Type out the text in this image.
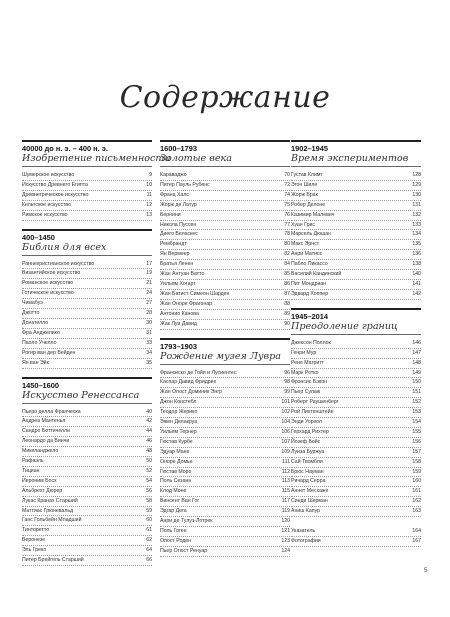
Содержание
40000 до н. э. – 400 н. э.
Изобретение письменности
Шумерское искусство	9
Искусство Древнего Египта	10
Древнегреческое искусство	11
Кельтское искусство	12
Римское искусство	13
400–1450
Библия для всех
Раннехристианское искусство	17
Византийское искусство	19
Романское искусство	21
Готическое искусство	24
Чимабуэ	27
Джотто	28
Донателло	30
Фра Анджелико	31
Паоло Учелло	33
Рогир ван дер Вейден	34
Ян ван Эйк	35
1450–1600
Искусство Ренессанса
Пьеро делла Франческа	40
Андреа Мантенья	42
Сандро Боттичелли	44
Леонардо да Винчи	46
Микеланджело	48
Рафаэль	50
Тициан	52
Иероним Босх	54
Альбрехт Дюрер	56
Лукас Кранах Старший	58
Маттиас Грюневальд	59
Ганс Гольбейн Младший	60
Тинторетто	61
Веронезе	62
Эль Греко	64
Питер Брейгель Старший	66
1600–1793
Золотые века
Караваджо	70
Питер Пауль Рубенс	72
Франц Халс	74
Жорж де Латур	75
Бернини	76
Никола Пуссен	77
Диего Веласкес	78
Рембрандт	80
Ян Вермеер	82
Братья Ленен	84
Жан Антуан Ватто	85
Уильям Хогарт	86
Жан Батист Симеон Шарден	87
Жан Оноре Фрагонар	88
Антонио Канова	89
Жак Луи Давид	90
1793–1903
Рождение музея Лувра
Франсиско де Гойя и Лусиентес	96
Каспар Давид Фридрих	98
Жан Огюст Доминик Энгр	99
Джон Констебл	101
Теодор Жерико	102
Эжен Делакруа	104
Уильям Тернер	106
Гюстав Курбе	107
Эдуар Мане	109
Оноре Домье	111
Гюстав Моро	112
Поль Сезанн	113
Клод Моне	115
Винсент Ван Гог	117
Эдгар Дега	119
Анри де Тулуз-Лотрек	120
Поль Гоген	121
Огюст Роден	123
Пьер Огюст Ренуар	124
1902–1945
Время экспериментов
Густав Климт	128
Эгон Шиле	129
Жорж Брак	130
Робер Делоне	131
Казимир Малевич	132
Хуан Грис	133
Марсель Дюшан	134
Макс Эрнст	135
Анри Матисс	136
Пабло Пикассо	138
Василий Кандинский	140
Пит Мондриан	141
Эдвард Хоппер	142
1945–2014
Преодоление границ
Джексон Поллок	146
Генри Мур	147
Рене Магритт	148
Марк Ротко	149
Фрэнсис Бэкон	150
Пьер Сулаж	151
Роберт Раушенберг	152
Рой Лихтенштейн	153
Энди Уорхол	154
Герхард Рихтер	155
Йозеф Бойс	156
Луиза Буржуа	157
Сай Твомбли	158
Брюс Науман	159
Ричард Серра	160
Аннет Мессаже	161
Синди Шерман	162
Аниш Капур	163
Указатель	164
Фотографии	167
5
